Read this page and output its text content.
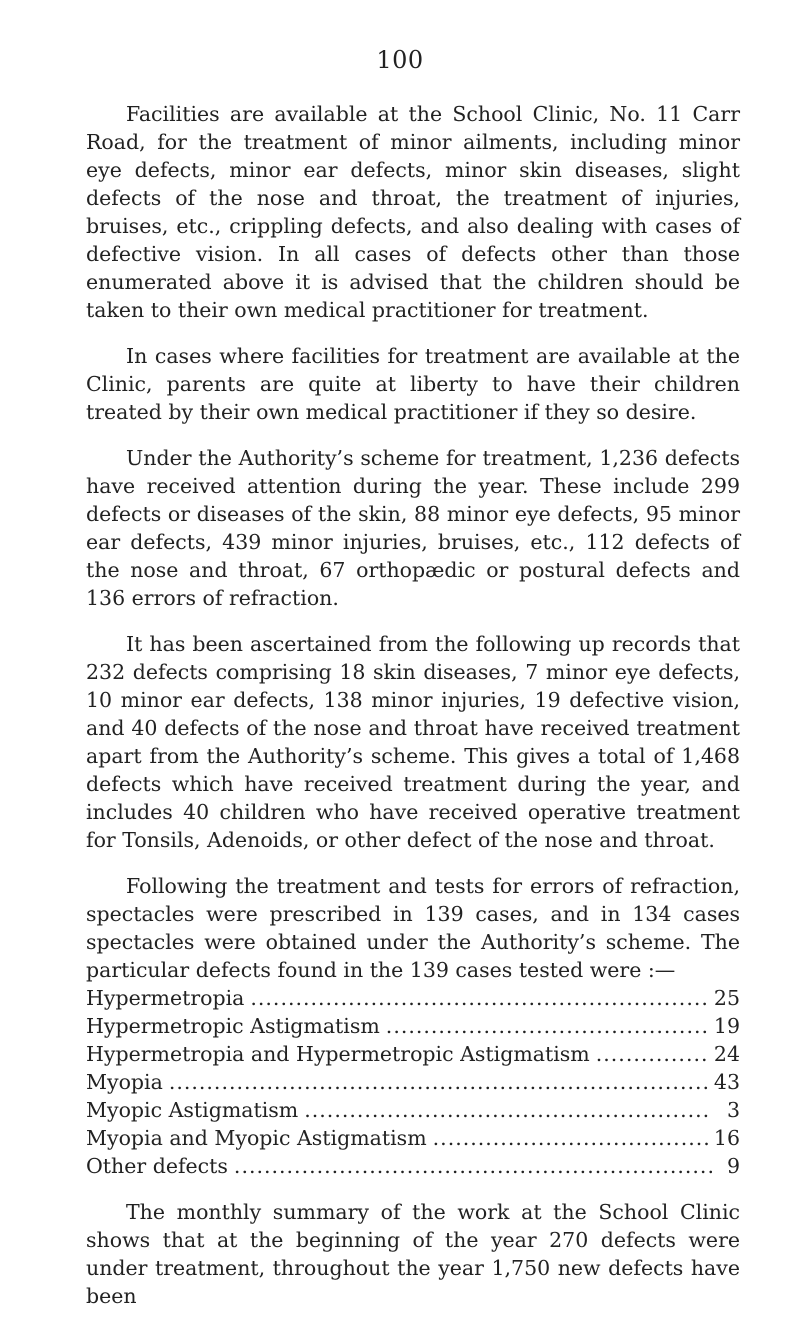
100

Facilities are available at the School Clinic, No. 11 Carr Road, for the treatment of minor ailments, including minor eye defects, minor ear defects, minor skin diseases, slight defects of the nose and throat, the treatment of injuries, bruises, etc., crippling defects, and also dealing with cases of defective vision. In all cases of defects other than those enumerated above it is advised that the children should be taken to their own medical practitioner for treatment.

In cases where facilities for treatment are available at the Clinic, parents are quite at liberty to have their children treated by their own medical practitioner if they so desire.

Under the Authority’s scheme for treatment, 1,236 defects have received attention during the year. These include 299 defects or diseases of the skin, 88 minor eye defects, 95 minor ear defects, 439 minor injuries, bruises, etc., 112 defects of the nose and throat, 67 orthopædic or postural defects and 136 errors of refraction.

It has been ascertained from the following up records that 232 defects comprising 18 skin diseases, 7 minor eye defects, 10 minor ear defects, 138 minor injuries, 19 defective vision, and 40 defects of the nose and throat have received treatment apart from the Authority’s scheme. This gives a total of 1,468 defects which have received treatment during the year, and includes 40 children who have received operative treatment for Tonsils, Adenoids, or other defect of the nose and throat.

Following the treatment and tests for errors of refraction, spectacles were prescribed in 139 cases, and in 134 cases spectacles were obtained under the Authority’s scheme. The particular defects found in the 139 cases tested were :—

Hypermetropia .....	25
Hypermetropic Astigmatism .....	19
Hypermetropia and Hypermetropic Astigmatism .....	24
Myopia .....	43
Myopic Astigmatism .....	3
Myopia and Myopic Astigmatism .....	16
Other defects .....	9

The monthly summary of the work at the School Clinic shows that at the beginning of the year 270 defects were under treatment, throughout the year 1,750 new defects have been
